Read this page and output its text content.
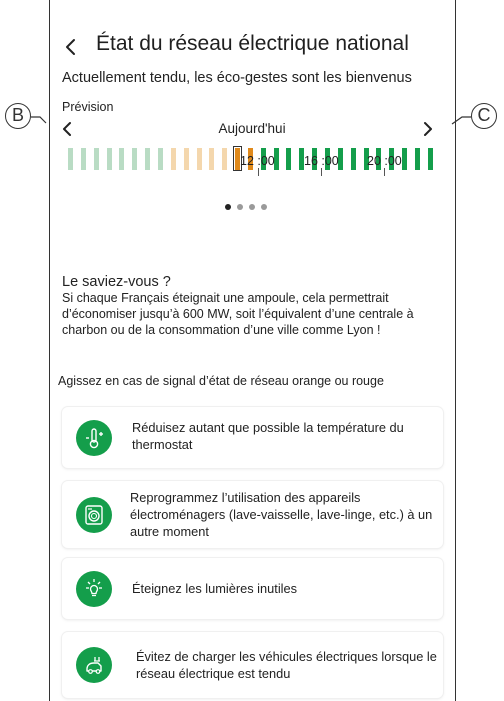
B	C
État du réseau électrique national
Actuellement tendu, les éco-gestes sont les bienvenus
Prévision
Aujourd'hui
12 :00 16 :00 20 :00
Le saviez-vous ?
Si chaque Français éteignait une ampoule, cela permettrait d’économiser jusqu’à 600 MW, soit l’équivalent d’une centrale à charbon ou de la consommation d’une ville comme Lyon !
Agissez en cas de signal d’état de réseau orange ou rouge
Réduisez autant que possible la température du thermostat
Reprogrammez l’utilisation des appareils électroménagers (lave-vaisselle, lave-linge, etc.) à un autre moment
Éteignez les lumières inutiles
Évitez de charger les véhicules électriques lorsque le réseau électrique est tendu
